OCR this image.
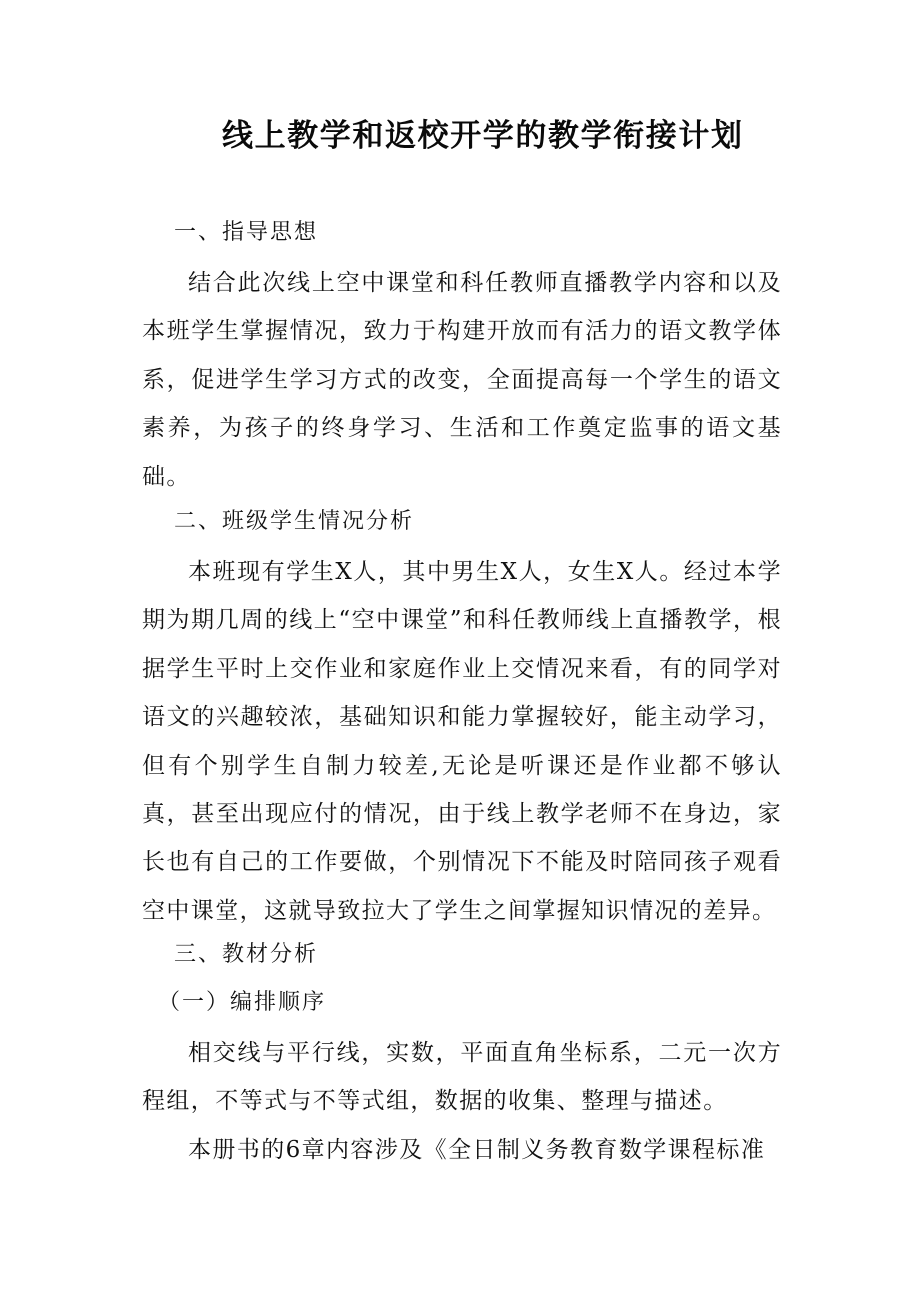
线上教学和返校开学的教学衔接计划
一、指导思想
结合此次线上空中课堂和科任教师直播教学内容和以及本班学生掌握情况，致力于构建开放而有活力的语文教学体系，促进学生学习方式的改变，全面提高每一个学生的语文素养，为孩子的终身学习、生活和工作奠定监事的语文基础。
二、班级学生情况分析
本班现有学生X人，其中男生X人，女生X人。经过本学期为期几周的线上“空中课堂”和科任教师线上直播教学，根据学生平时上交作业和家庭作业上交情况来看，有的同学对语文的兴趣较浓，基础知识和能力掌握较好，能主动学习，但有个别学生自制力较差,无论是听课还是作业都不够认真，甚至出现应付的情况，由于线上教学老师不在身边，家长也有自己的工作要做，个别情况下不能及时陪同孩子观看空中课堂，这就导致拉大了学生之间掌握知识情况的差异。
三、教材分析
（一）编排顺序
相交线与平行线，实数，平面直角坐标系，二元一次方程组，不等式与不等式组，数据的收集、整理与描述。
本册书的6章内容涉及《全日制义务教育数学课程标准
